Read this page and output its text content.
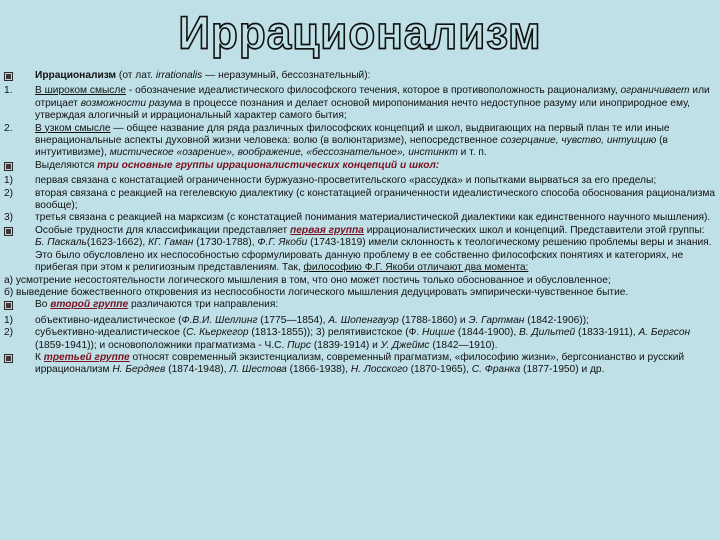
Иррационализм
Иррационализм (от лат. irrationalis — неразумный, бессознательный):
1.	В широком смысле - обозначение идеалистического философского течения, которое в противоположность рационализму, ограничивает или отрицает возможности разума в процессе познания и делает основой миропонимания нечто недоступное разуму или иноприродное ему, утверждая алогичный и иррациональный характер самого бытия;
2.	В узком смысле — общее название для ряда различных философских концепций и школ, выдвигающих на первый план те или иные внерациональные аспекты духовной жизни человека: волю (в волюнтаризме), непосредственное созерцание, чувство, интуицию (в интуитивизме), мистическое «озарение», воображение, «бессознательное», инстинкт и т. п.
Выделяются три основные группы иррационалистических концепций и школ:
1)	первая связана с констатацией ограниченности буржуазно-просветительского «рассудка» и попытками вырваться за его пределы;
2)	вторая связана с реакцией на гегелевскую диалектику (с констатацией ограниченности идеалистического способа обоснования рационализма вообще);
3)	третья связана с реакцией на марксизм (с констатацией понимания материалистической диалектики как единственного научного мышления).
Особые трудности для классификации представляет первая группа иррационалистических школ и концепций. Представители этой группы: Б. Паскаль(1623-1662), КГ. Гаман (1730-1788), Ф.Г. Якоби (1743-1819) имели склонность к теологическому решению проблемы веры и знания. Это было обусловлено их неспособностью сформулировать данную проблему в ее собственно философских понятиях и категориях, не прибегая при этом к религиозным представлениям. Так, философию Ф.Г. Якоби отличают два момента:
а) усмотрение несостоятельности логического мышления в том, что оно может постичь только обоснованное и обусловленное;
б) выведение божественного откровения из неспособности логического мышления дедуцировать эмпирически-чувственное бытие.
Во второй группе различаются три направления:
1)	объективно-идеалистическое (Ф.В.И. Шеллинг (1775—1854), А. Шопенгауэр (1788-1860) и Э. Гартман (1842-1906));
2)	субъективно-идеалистическое (С. Кьеркегор (1813-1855)); 3) релятивистское (Ф. Ницше (1844-1900), В. Дильтей (1833-1911), А. Бергсон (1859-1941)); и основоположники прагматизма - Ч.С. Пирс (1839-1914) и У. Джеймс (1842—1910).
К третьей группе относят современный экзистенциализм, современный прагматизм, «философию жизни», бергсонианство и русский иррационализм Н. Бердяев (1874-1948), Л. Шестова (1866-1938), Н. Лосского (1870-1965), С. Франка (1877-1950) и др.
